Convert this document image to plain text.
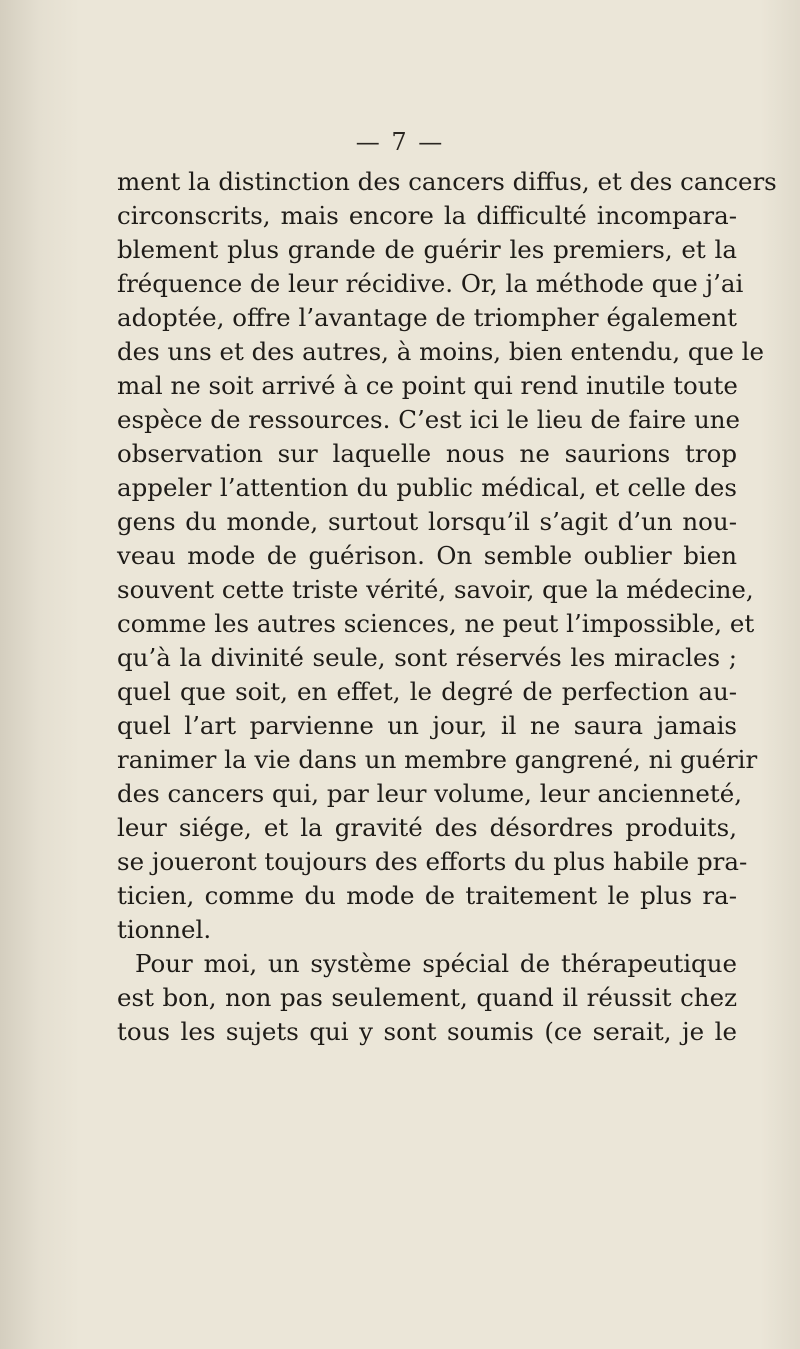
— 7 —
ment la distinction des cancers diffus, et des cancers
circonscrits, mais encore la difficulté incompara-
blement plus grande de guérir les premiers, et la
fréquence de leur récidive. Or, la méthode que j’ai
adoptée, offre l’avantage de triompher également
des uns et des autres, à moins, bien entendu, que le
mal ne soit arrivé à ce point qui rend inutile toute
espèce de ressources. C’est ici le lieu de faire une
observation sur laquelle nous ne saurions trop
appeler l’attention du public médical, et celle des
gens du monde, surtout lorsqu’il s’agit d’un nou-
veau mode de guérison. On semble oublier bien
souvent cette triste vérité, savoir, que la médecine,
comme les autres sciences, ne peut l’impossible, et
qu’à la divinité seule, sont réservés les miracles ;
quel que soit, en effet, le degré de perfection au-
quel l’art parvienne un jour, il ne saura jamais
ranimer la vie dans un membre gangrené, ni guérir
des cancers qui, par leur volume, leur ancienneté,
leur siége, et la gravité des désordres produits,
se joueront toujours des efforts du plus habile pra-
ticien, comme du mode de traitement le plus ra-
tionnel.
Pour moi, un système spécial de thérapeutique
est bon, non pas seulement, quand il réussit chez
tous les sujets qui y sont soumis (ce serait, je le
